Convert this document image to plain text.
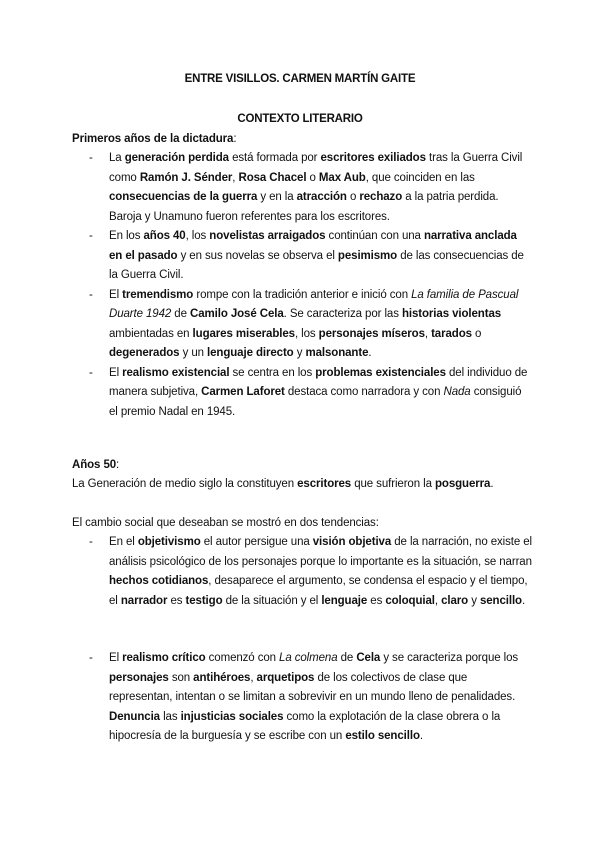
ENTRE VISILLOS. CARMEN MARTÍN GAITE
CONTEXTO LITERARIO
Primeros años de la dictadura:
- La generación perdida está formada por escritores exiliados tras la Guerra Civil como Ramón J. Sénder, Rosa Chacel o Max Aub, que coinciden en las consecuencias de la guerra y en la atracción o rechazo a la patria perdida.
Baroja y Unamuno fueron referentes para los escritores.
- En los años 40, los novelistas arraigados continúan con una narrativa anclada en el pasado y en sus novelas se observa el pesimismo de las consecuencias de la Guerra Civil.
- El tremendismo rompe con la tradición anterior e inició con La familia de Pascual Duarte 1942 de Camilo José Cela. Se caracteriza por las historias violentas ambientadas en lugares miserables, los personajes míseros, tarados o degenerados y un lenguaje directo y malsonante.
- El realismo existencial se centra en los problemas existenciales del individuo de manera subjetiva, Carmen Laforet destaca como narradora y con Nada consiguió el premio Nadal en 1945.
Años 50:
La Generación de medio siglo la constituyen escritores que sufrieron la posguerra.
El cambio social que deseaban se mostró en dos tendencias:
- En el objetivismo el autor persigue una visión objetiva de la narración, no existe el análisis psicológico de los personajes porque lo importante es la situación, se narran hechos cotidianos, desaparece el argumento, se condensa el espacio y el tiempo, el narrador es testigo de la situación y el lenguaje es coloquial, claro y sencillo.
- El realismo crítico comenzó con La colmena de Cela y se caracteriza porque los personajes son antihéroes, arquetipos de los colectivos de clase que representan, intentan o se limitan a sobrevivir en un mundo lleno de penalidades. Denuncia las injusticias sociales como la explotación de la clase obrera o la hipocresía de la burguesía y se escribe con un estilo sencillo.
